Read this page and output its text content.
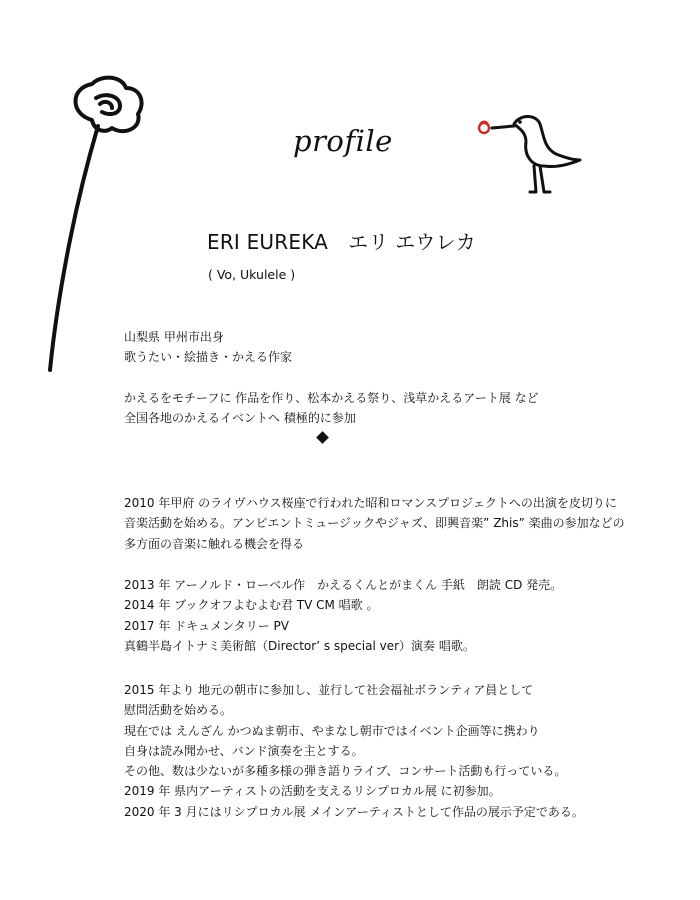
profile
ERI EUREKA　エリ エウレカ

( Vo, Ukulele )

山梨県 甲州市出身

歌うたい・絵描き・かえる作家

かえるをモチーフに 作品を作り、松本かえる祭り、浅草かえるアート展 など

全国各地のかえるイベントへ 積極的に参加

2010 年甲府 のライヴハウス桜座で行われた昭和ロマンスプロジェクトへの出演を皮切りに

音楽活動を始める。アンビエントミュージックやジャズ、即興音楽” Zhis” 楽曲の参加などの

多方面の音楽に触れる機会を得る

2013 年 アーノルド・ローベル作　かえるくんとがまくん 手紙　朗読 CD 発売。

2014 年 ブックオフよむよむ君 TV CM 唱歌 。

2017 年 ドキュメンタリー PV

真鶴半島イトナミ美術館（Director’ s special ver）演奏 唱歌。

2015 年より 地元の朝市に参加し、並行して社会福祉ボランティア員として

慰問活動を始める。

現在では えんざん かつぬま朝市、やまなし朝市ではイベント企画等に携わり

自身は読み聞かせ、バンド演奏を主とする。

その他、数は少ないが多種多様の弾き語りライブ、コンサート活動も行っている。

2019 年 県内アーティストの活動を支えるリシプロカル展 に初参加。

2020 年 3 月にはリシプロカル展 メインアーティストとして作品の展示予定である。
